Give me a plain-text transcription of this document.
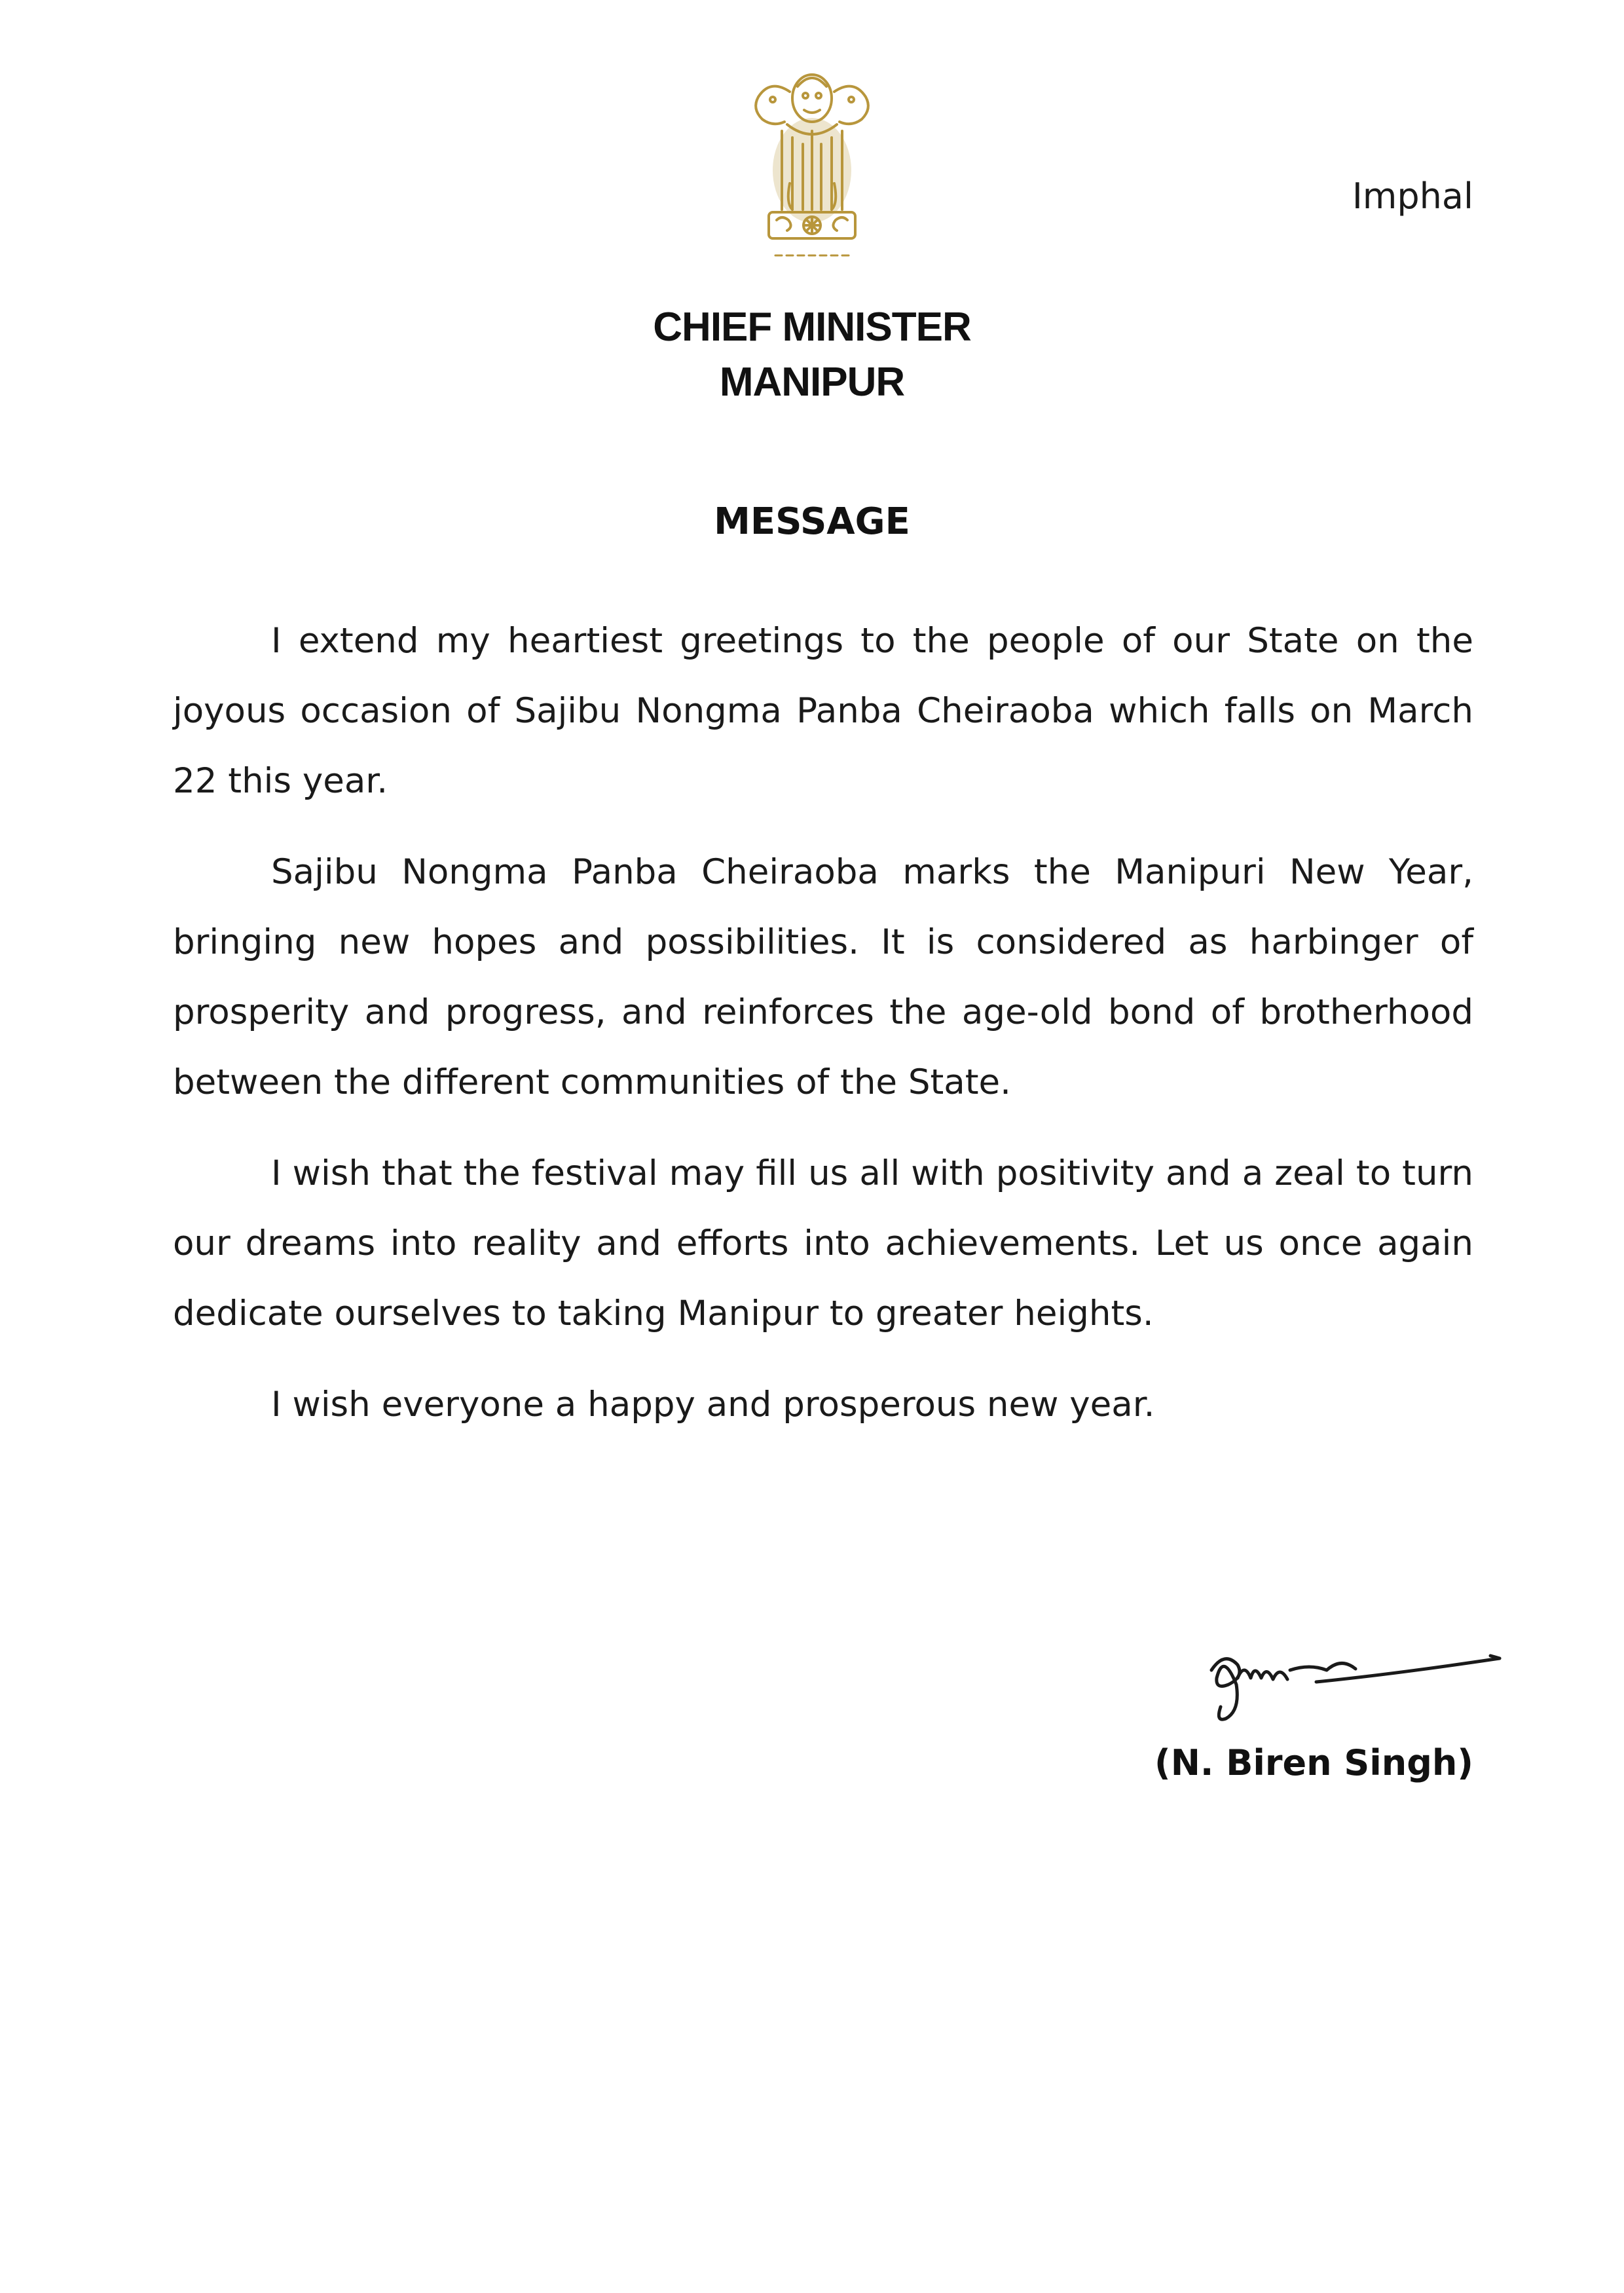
Imphal
CHIEF MINISTER
MANIPUR
MESSAGE

I extend my heartiest greetings to the people of our State on the joyous occasion of Sajibu Nongma Panba Cheiraoba which falls on March 22 this year.

Sajibu Nongma Panba Cheiraoba marks the Manipuri New Year, bringing new hopes and possibilities. It is considered as harbinger of prosperity and progress, and reinforces the age-old bond of brotherhood between the different communities of the State.

I wish that the festival may fill us all with positivity and a zeal to turn our dreams into reality and efforts into achievements. Let us once again dedicate ourselves to taking Manipur to greater heights.

I wish everyone a happy and prosperous new year.

(N. Biren Singh)
